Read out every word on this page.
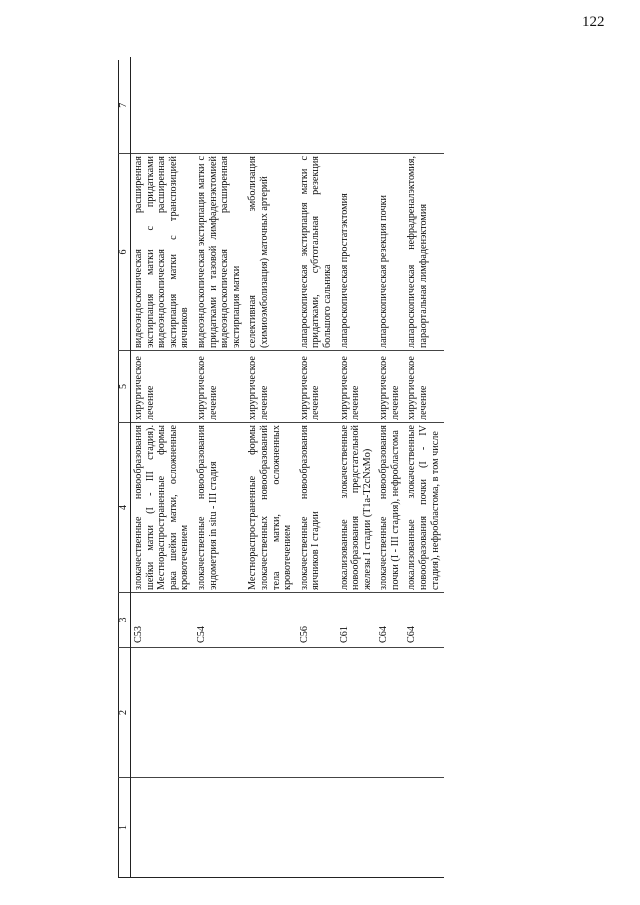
122
1	2	3	4	5	6	7
		C53	злокачественные новообразования шейки матки (I - III стадия). Местнораспространенные формы рака шейки матки, осложненные кровотечением	хирургическое лечение	видеоэндоскопическая расширенная экстирпация матки с придатками видеоэндоскопическая расширенная экстирпация матки с транспозицией яичников	
		C54	злокачественные новообразования эндометрия in situ - III стадия	хирургическое лечение	видеоэндоскопическая экстирпация матки с придатками и тазовой лимфаденэктомией видеоэндоскопическая расширенная экстирпация матки	
			Местнораспространенные формы злокачественных новообразований тела матки, осложненных кровотечением	хирургическое лечение	селективная эмболизация (химиоэмболизация) маточных артерий	
		C56	злокачественные новообразования яичников I стадии	хирургическое лечение	лапароскопическая экстирпация матки с придатками, субтотальная резекция большого сальника	
		C61	локализованные злокачественные новообразования предстательной железы I стадии (T1a-T2cNxMo)	хирургическое лечение	лапароскопическая простатэктомия	
		C64	злокачественные новообразования почки (I - III стадия), нефробластома	хирургическое лечение	лапароскопическая резекция почки	
		C64	локализованные злокачественные новообразования почки (I - IV стадия), нефробластома, в том числе	хирургическое лечение	лапароскопическая нефрадреналэктомия, параортальная лимфаденэктомия	
